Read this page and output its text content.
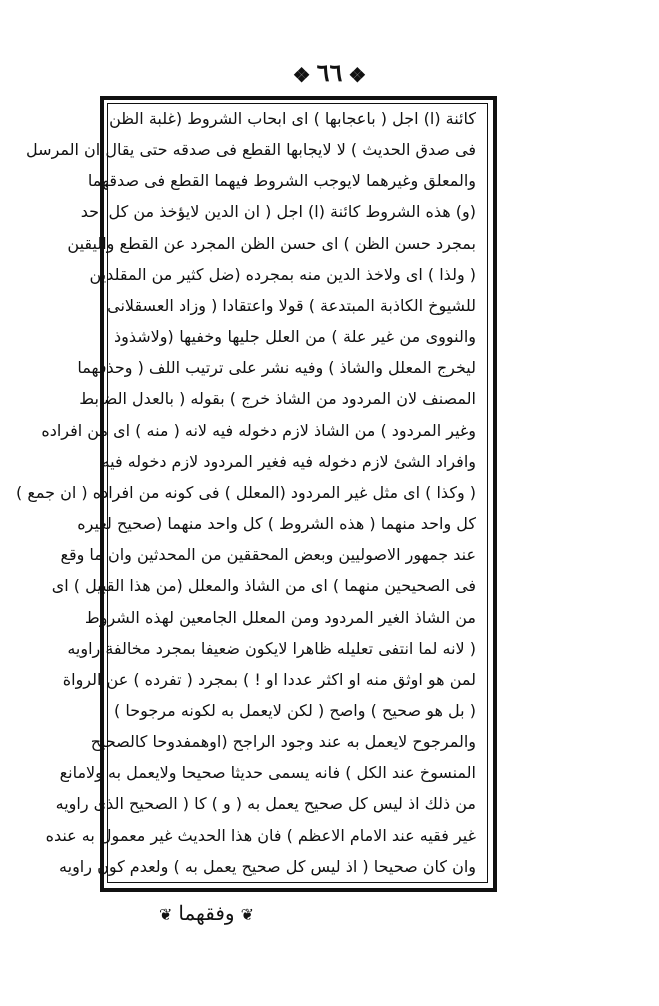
❖ ٦٦ ❖
كائنة (ا) اجل ( باعجابها ) اى ابحاب الشروط (غلبة الظن
فى صدق الحديث ) لا لايجابها القطع فى صدقه حتى يقال ان المرسل
والمعلق وغيرهما لايوجب الشروط فيهما القطع فى صدقهما
(و) هذه الشروط كائنة (ا) اجل ( ان الدين لايؤخذ من كل احد
بمجرد حسن الظن ) اى حسن الظن المجرد عن القطع واليقين
( ولذا ) اى ولاخذ الدين منه بمجرده (ضل كثير من المقلدين
للشيوخ الكاذبة المبتدعة ) قولا واعتقادا ( وزاد العسقلانى
والنووى من غير علة ) من العلل جليها وخفيها (ولاشذوذ
ليخرج المعلل والشاذ ) وفيه نشر على ترتيب اللف ( وحذفهما
المصنف لان المردود من الشاذ خرج ) بقوله ( بالعدل الضابط
وغير المردود ) من الشاذ لازم دخوله فيه لانه ( منه ) اى من افراده
وافراد الشئ لازم دخوله فيه فغير المردود لازم دخوله فيه
( وكذا ) اى مثل غير المردود (المعلل ) فى كونه من افراده ( ان جمع )
كل واحد منهما ( هذه الشروط ) كل واحد منهما (صحيح لغيره
عند جمهور الاصوليين وبعض المحققين من المحدثين وان ما وقع
فى الصحيحين منهما ) اى من الشاذ والمعلل (من هذا القبيل ) اى
من الشاذ الغير المردود ومن المعلل الجامعين لهذه الشروط
( لانه لما انتفى تعليله ظاهرا لايكون ضعيفا بمجرد مخالفة راويه
لمن هو اوثق منه او اكثر عددا او ! ) بمجرد ( تفرده ) عن الرواة
( بل هو صحيح ) واصح ( لكن لايعمل به لكونه مرجوحا )
والمرجوح لايعمل به عند وجود الراجح (اوهمفدوحا كالصحيح
المنسوخ عند الكل ) فانه يسمى حديثا صحيحا ولايعمل به ولامانع
من ذلك اذ ليس كل صحيح يعمل به ( و ) كا ( الصحيح الذى راويه
غير فقيه عند الامام الاعظم ) فان هذا الحديث غير معمول به عنده
وان كان صحيحا ( اذ ليس كل صحيح يعمل به ) ولعدم كون راويه
❦وفقهما❦
